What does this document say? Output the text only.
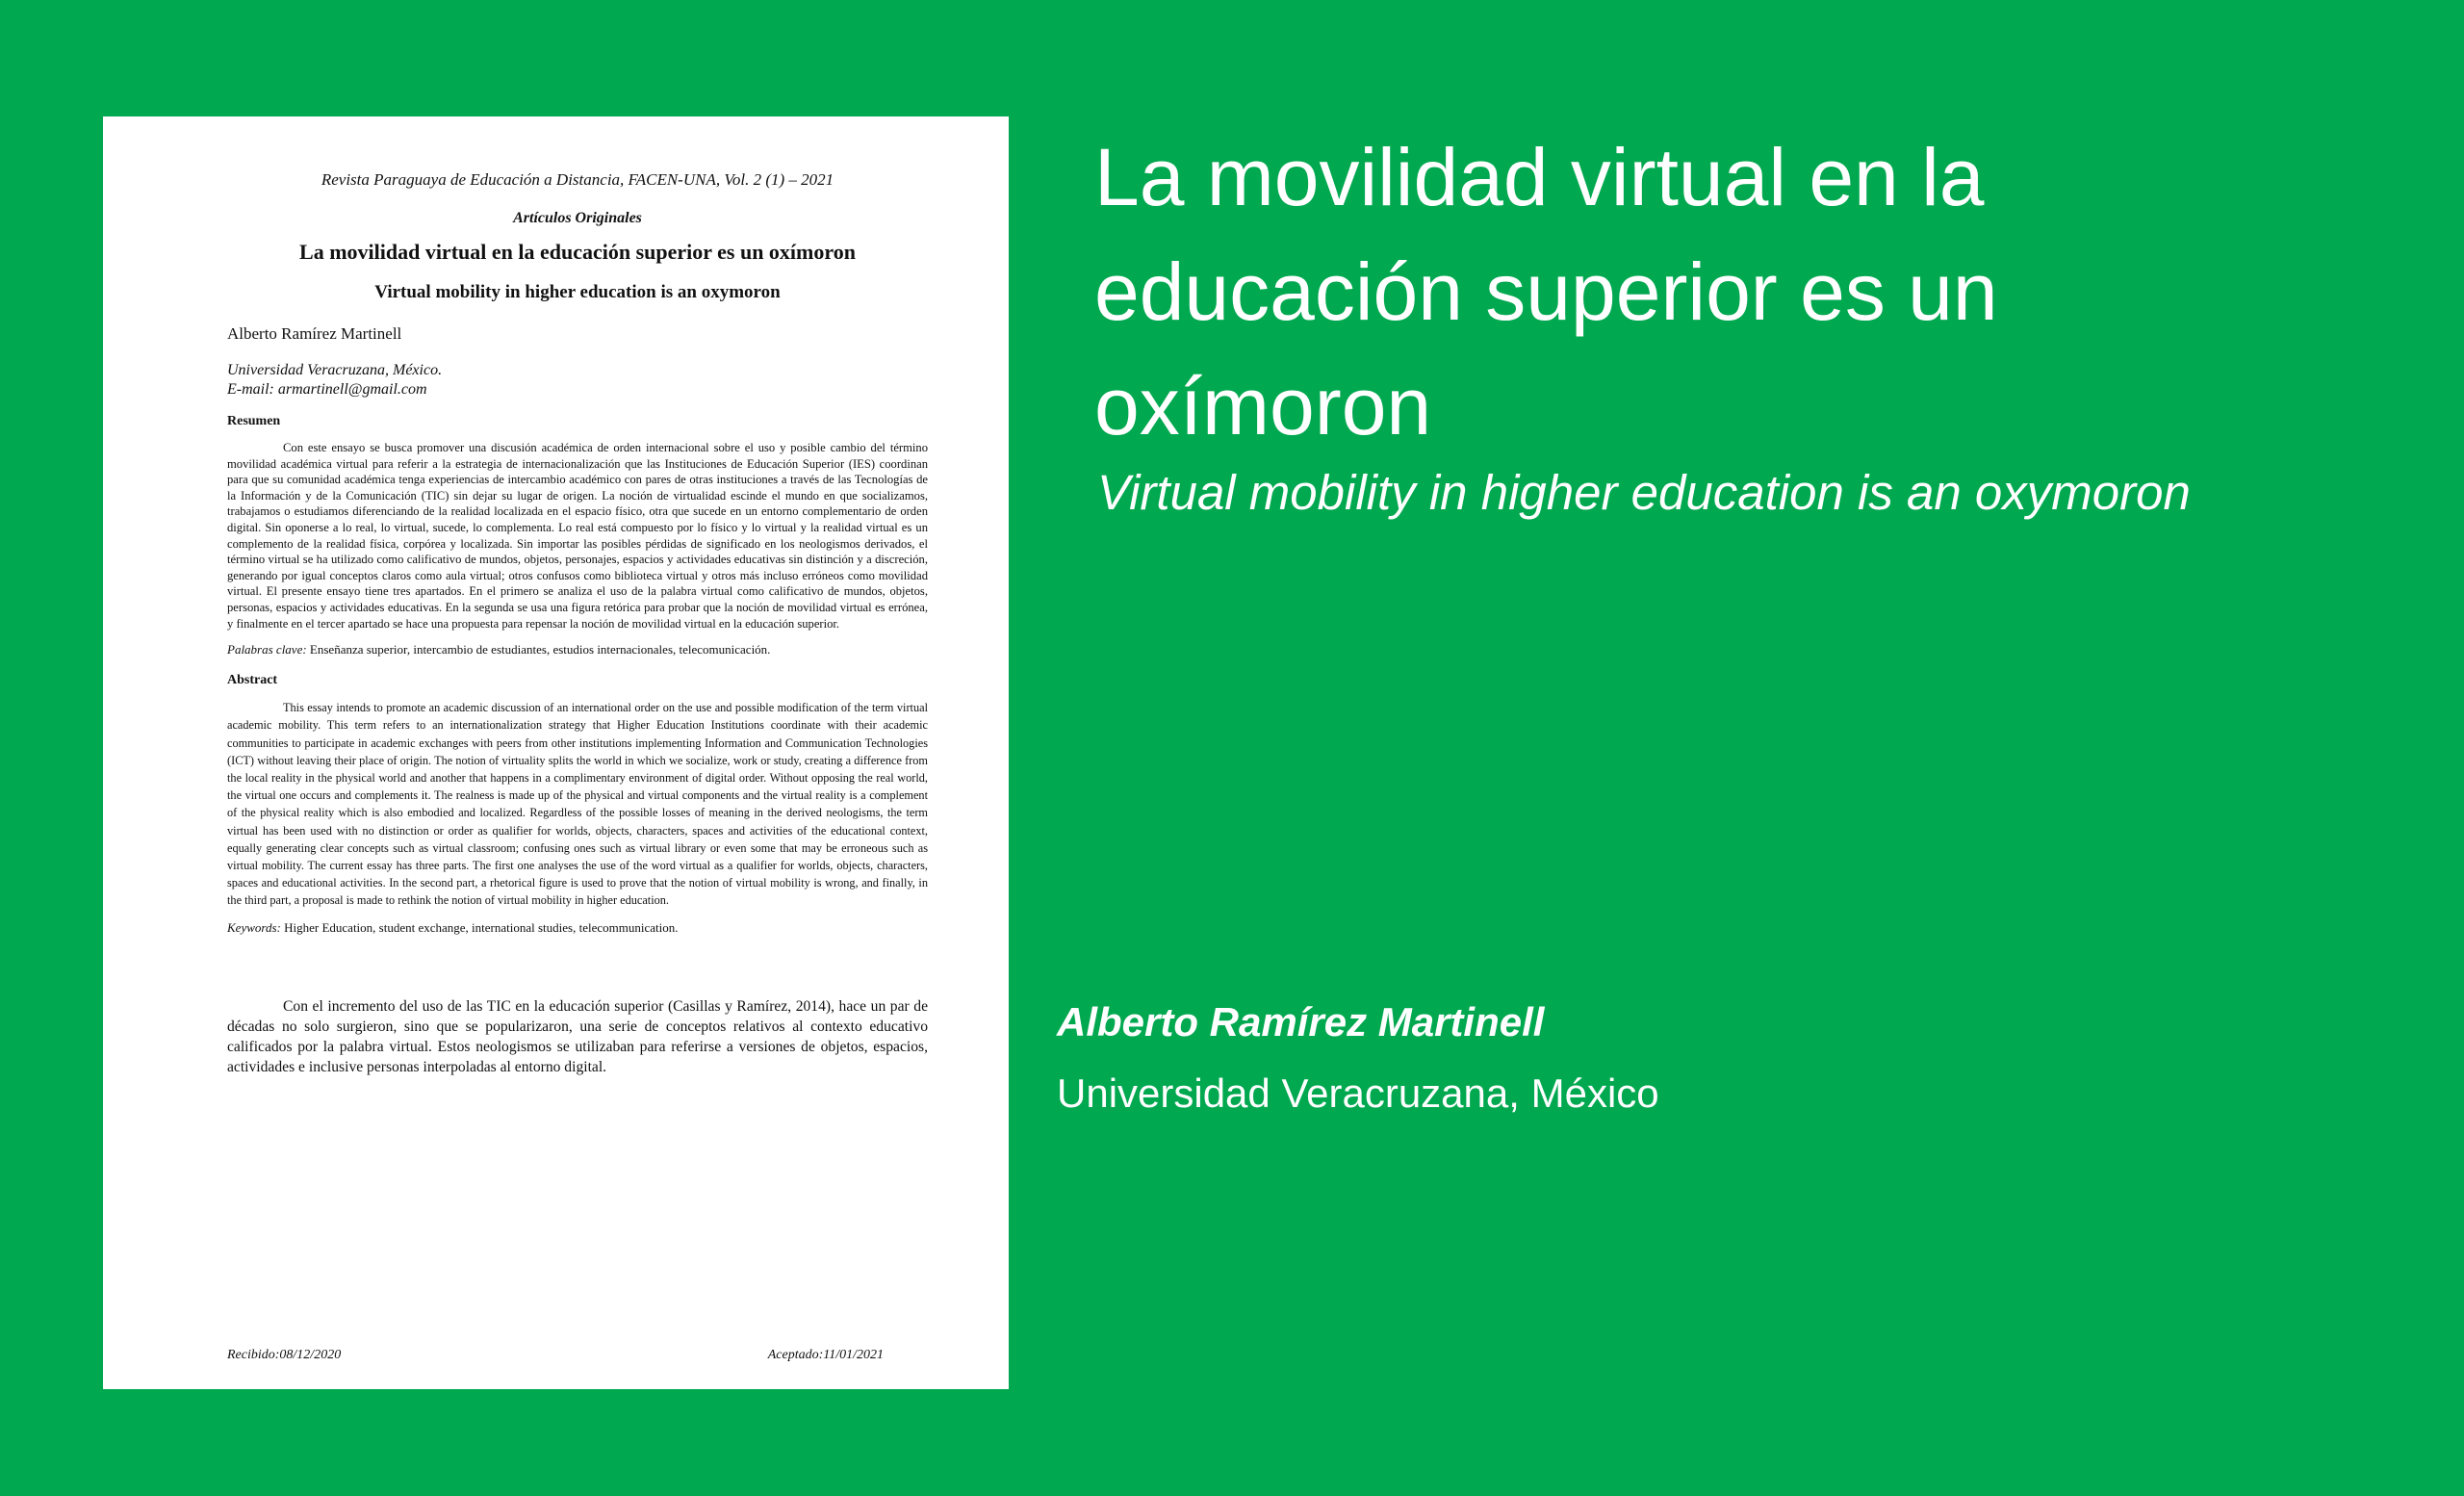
Revista Paraguaya de Educación a Distancia, FACEN-UNA, Vol. 2 (1) – 2021
Artículos Originales
La movilidad virtual en la educación superior es un oxímoron
Virtual mobility in higher education is an oxymoron
Alberto Ramírez Martinell
Universidad Veracruzana, México.
E-mail: armartinell@gmail.com
Resumen
Con este ensayo se busca promover una discusión académica de orden internacional sobre el uso y posible cambio del término movilidad académica virtual para referir a la estrategia de internacionalización que las Instituciones de Educación Superior (IES) coordinan para que su comunidad académica tenga experiencias de intercambio académico con pares de otras instituciones a través de las Tecnologías de la Información y de la Comunicación (TIC) sin dejar su lugar de origen. La noción de virtualidad escinde el mundo en que socializamos, trabajamos o estudiamos diferenciando de la realidad localizada en el espacio físico, otra que sucede en un entorno complementario de orden digital. Sin oponerse a lo real, lo virtual, sucede, lo complementa. Lo real está compuesto por lo físico y lo virtual y la realidad virtual es un complemento de la realidad física, corpórea y localizada. Sin importar las posibles pérdidas de significado en los neologismos derivados, el término virtual se ha utilizado como calificativo de mundos, objetos, personajes, espacios y actividades educativas sin distinción y a discreción, generando por igual conceptos claros como aula virtual; otros confusos como biblioteca virtual y otros más incluso erróneos como movilidad virtual. El presente ensayo tiene tres apartados. En el primero se analiza el uso de la palabra virtual como calificativo de mundos, objetos, personas, espacios y actividades educativas. En la segunda se usa una figura retórica para probar que la noción de movilidad virtual es errónea, y finalmente en el tercer apartado se hace una propuesta para repensar la noción de movilidad virtual en la educación superior.
Palabras clave: Enseñanza superior, intercambio de estudiantes, estudios internacionales, telecomunicación.
Abstract
This essay intends to promote an academic discussion of an international order on the use and possible modification of the term virtual academic mobility. This term refers to an internationalization strategy that Higher Education Institutions coordinate with their academic communities to participate in academic exchanges with peers from other institutions implementing Information and Communication Technologies (ICT) without leaving their place of origin. The notion of virtuality splits the world in which we socialize, work or study, creating a difference from the local reality in the physical world and another that happens in a complimentary environment of digital order. Without opposing the real world, the virtual one occurs and complements it. The realness is made up of the physical and virtual components and the virtual reality is a complement of the physical reality which is also embodied and localized. Regardless of the possible losses of meaning in the derived neologisms, the term virtual has been used with no distinction or order as qualifier for worlds, objects, characters, spaces and activities of the educational context, equally generating clear concepts such as virtual classroom; confusing ones such as virtual library or even some that may be erroneous such as virtual mobility. The current essay has three parts. The first one analyses the use of the word virtual as a qualifier for worlds, objects, characters, spaces and educational activities. In the second part, a rhetorical figure is used to prove that the notion of virtual mobility is wrong, and finally, in the third part, a proposal is made to rethink the notion of virtual mobility in higher education.
Keywords: Higher Education, student exchange, international studies, telecommunication.
Con el incremento del uso de las TIC en la educación superior (Casillas y Ramírez, 2014), hace un par de décadas no solo surgieron, sino que se popularizaron, una serie de conceptos relativos al contexto educativo calificados por la palabra virtual. Estos neologismos se utilizaban para referirse a versiones de objetos, espacios, actividades e inclusive personas interpoladas al entorno digital.
Recibido:08/12/2020	Aceptado:11/01/2021
La movilidad virtual en la educación superior es un oxímoron
Virtual mobility in higher education is an oxymoron
Alberto Ramírez Martinell
Universidad Veracruzana, México
